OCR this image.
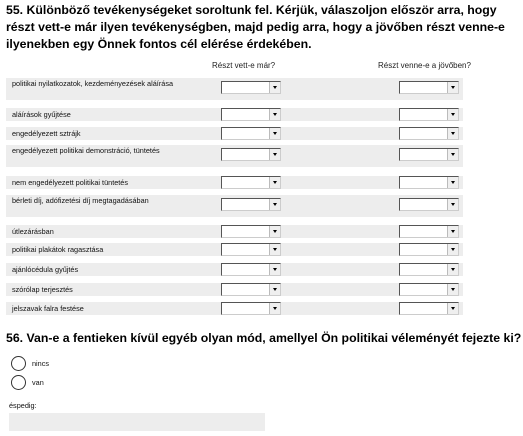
55. Különböző tevékenységeket soroltunk fel. Kérjük, válaszoljon először arra, hogy részt vett-e már ilyen tevékenységben, majd pedig arra, hogy a jövőben részt venne-e ilyenekben egy Önnek fontos cél elérése érdekében.
Részt vett-e már?	Részt venne-e a jövőben?
politikai nyilatkozatok, kezdeményezések aláírása
aláírások gyűjtése
engedélyezett sztrájk
engedélyezett politikai demonstráció, tüntetés
nem engedélyezett politikai tüntetés
bérleti díj, adófizetési díj megtagadásában
útlezárásban
politikai plakátok ragasztása
ajánlócédula gyűjtés
szórólap terjesztés
jelszavak falra festése
56. Van-e a fentieken kívül egyéb olyan mód, amellyel Ön politikai véleményét fejezte ki?
nincs
van
éspedig:
